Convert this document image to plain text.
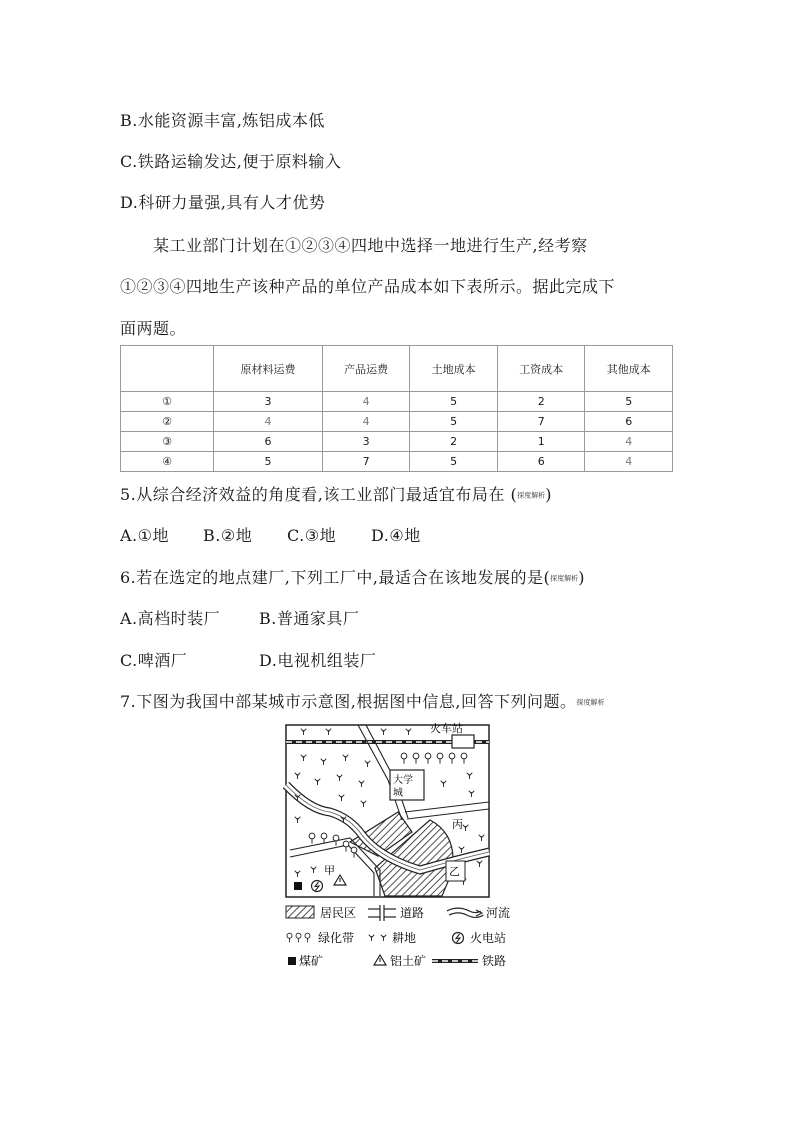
B.水能资源丰富,炼铝成本低
C.铁路运输发达,便于原料输入
D.科研力量强,具有人才优势
某工业部门计划在①②③④四地中选择一地进行生产,经考察
①②③④四地生产该种产品的单位产品成本如下表所示。据此完成下
面两题。
	原材料运费	产品运费	土地成本	工资成本	其他成本
①	3	4	5	2	5
②	4	4	5	7	6
③	6	3	2	1	4
④	5	7	5	6	4
5.从综合经济效益的角度看,该工业部门最适宜布局在 (探度解析)
A.①地 B.②地 C.③地 D.④地
6.若在选定的地点建厂,下列工厂中,最适合在该地发展的是(探度解析)
A.高档时装厂 B.普通家具厂
C.啤酒厂	D.电视机组装厂
7.下图为我国中部某城市示意图,根据图中信息,回答下列问题。探度解析
火车站
大学
城
丙
甲	乙
居民区	道路	河流
绿化带	耕地	火电站
煤矿	铝土矿	铁路
